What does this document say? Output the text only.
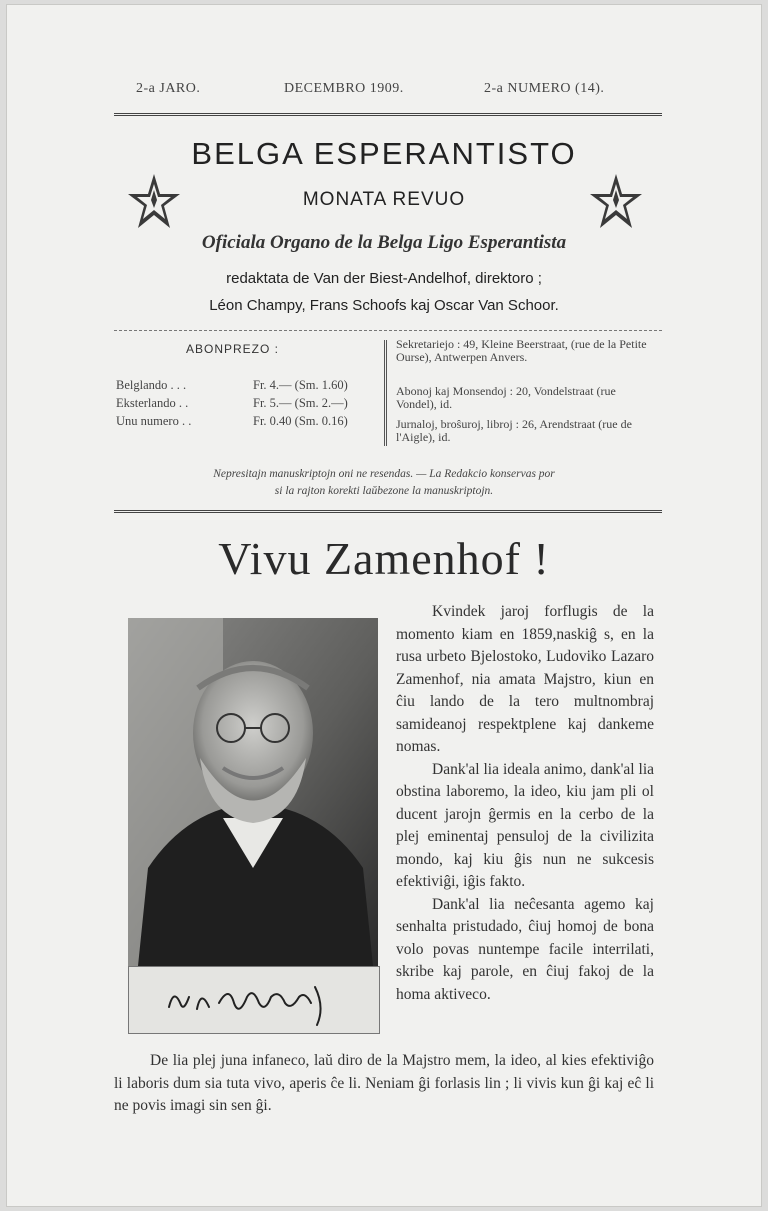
2-a JARO.	DECEMBRO 1909.	2-a NUMERO (14).
BELGA ESPERANTISTO
MONATA REVUO
Oficiala Organo de la Belga Ligo Esperantista
redaktata de Van der Biest-Andelhof, direktoro ;
Léon Champy, Frans Schoofs kaj Oscar Van Schoor.
ABONPREZO :
Belglando . . .	Fr. 4.— (Sm. 1.60)
Eksterlando . .	Fr. 5.— (Sm. 2.—)
Unu numero . .	Fr. 0.40 (Sm. 0.16)
Sekretariejo : 49, Kleine Beerstraat, (rue de la Petite Ourse), Antwerpen Anvers.
Abonoj kaj Monsendoj : 20, Vondelstraat (rue Vondel), id.
Jurnaloj, broŝuroj, libroj : 26, Arendstraat (rue de l'Aigle), id.
Nepresitajn manuskriptojn oni ne resendas. — La Redakcio konservas por
si la rajton korekti laŭbezone la manuskriptojn.
Vivu Zamenhof !

Kvindek jaroj forflugis de la momento kiam en 1859,naskiĝ s, en la rusa urbeto Bjelostoko, Ludoviko Lazaro Zamenhof, nia amata Majstro, kiun en ĉiu lando de la tero multnombraj samideanoj respektplene kaj dankeme nomas.

Dank'al lia ideala animo, dank'al lia obstina laboremo, la ideo, kiu jam pli ol ducent jarojn ĝermis en la cerbo de la plej eminentaj pensuloj de la civilizita mondo, kaj kiu ĝis nun ne sukcesis efektiviĝi, iĝis fakto.

Dank'al lia neĉesanta agemo kaj senhalta pristudado, ĉiuj homoj de bona volo povas nuntempe facile interrilati, skribe kaj parole, en ĉiuj fakoj de la homa aktiveco.

De lia plej juna infaneco, laŭ diro de la Majstro mem, la ideo, al kies efektiviĝo li laboris dum sia tuta vivo, aperis ĉe li. Neniam ĝi forlasis lin ; li vivis kun ĝi kaj eĉ li ne povis imagi sin sen ĝi.
